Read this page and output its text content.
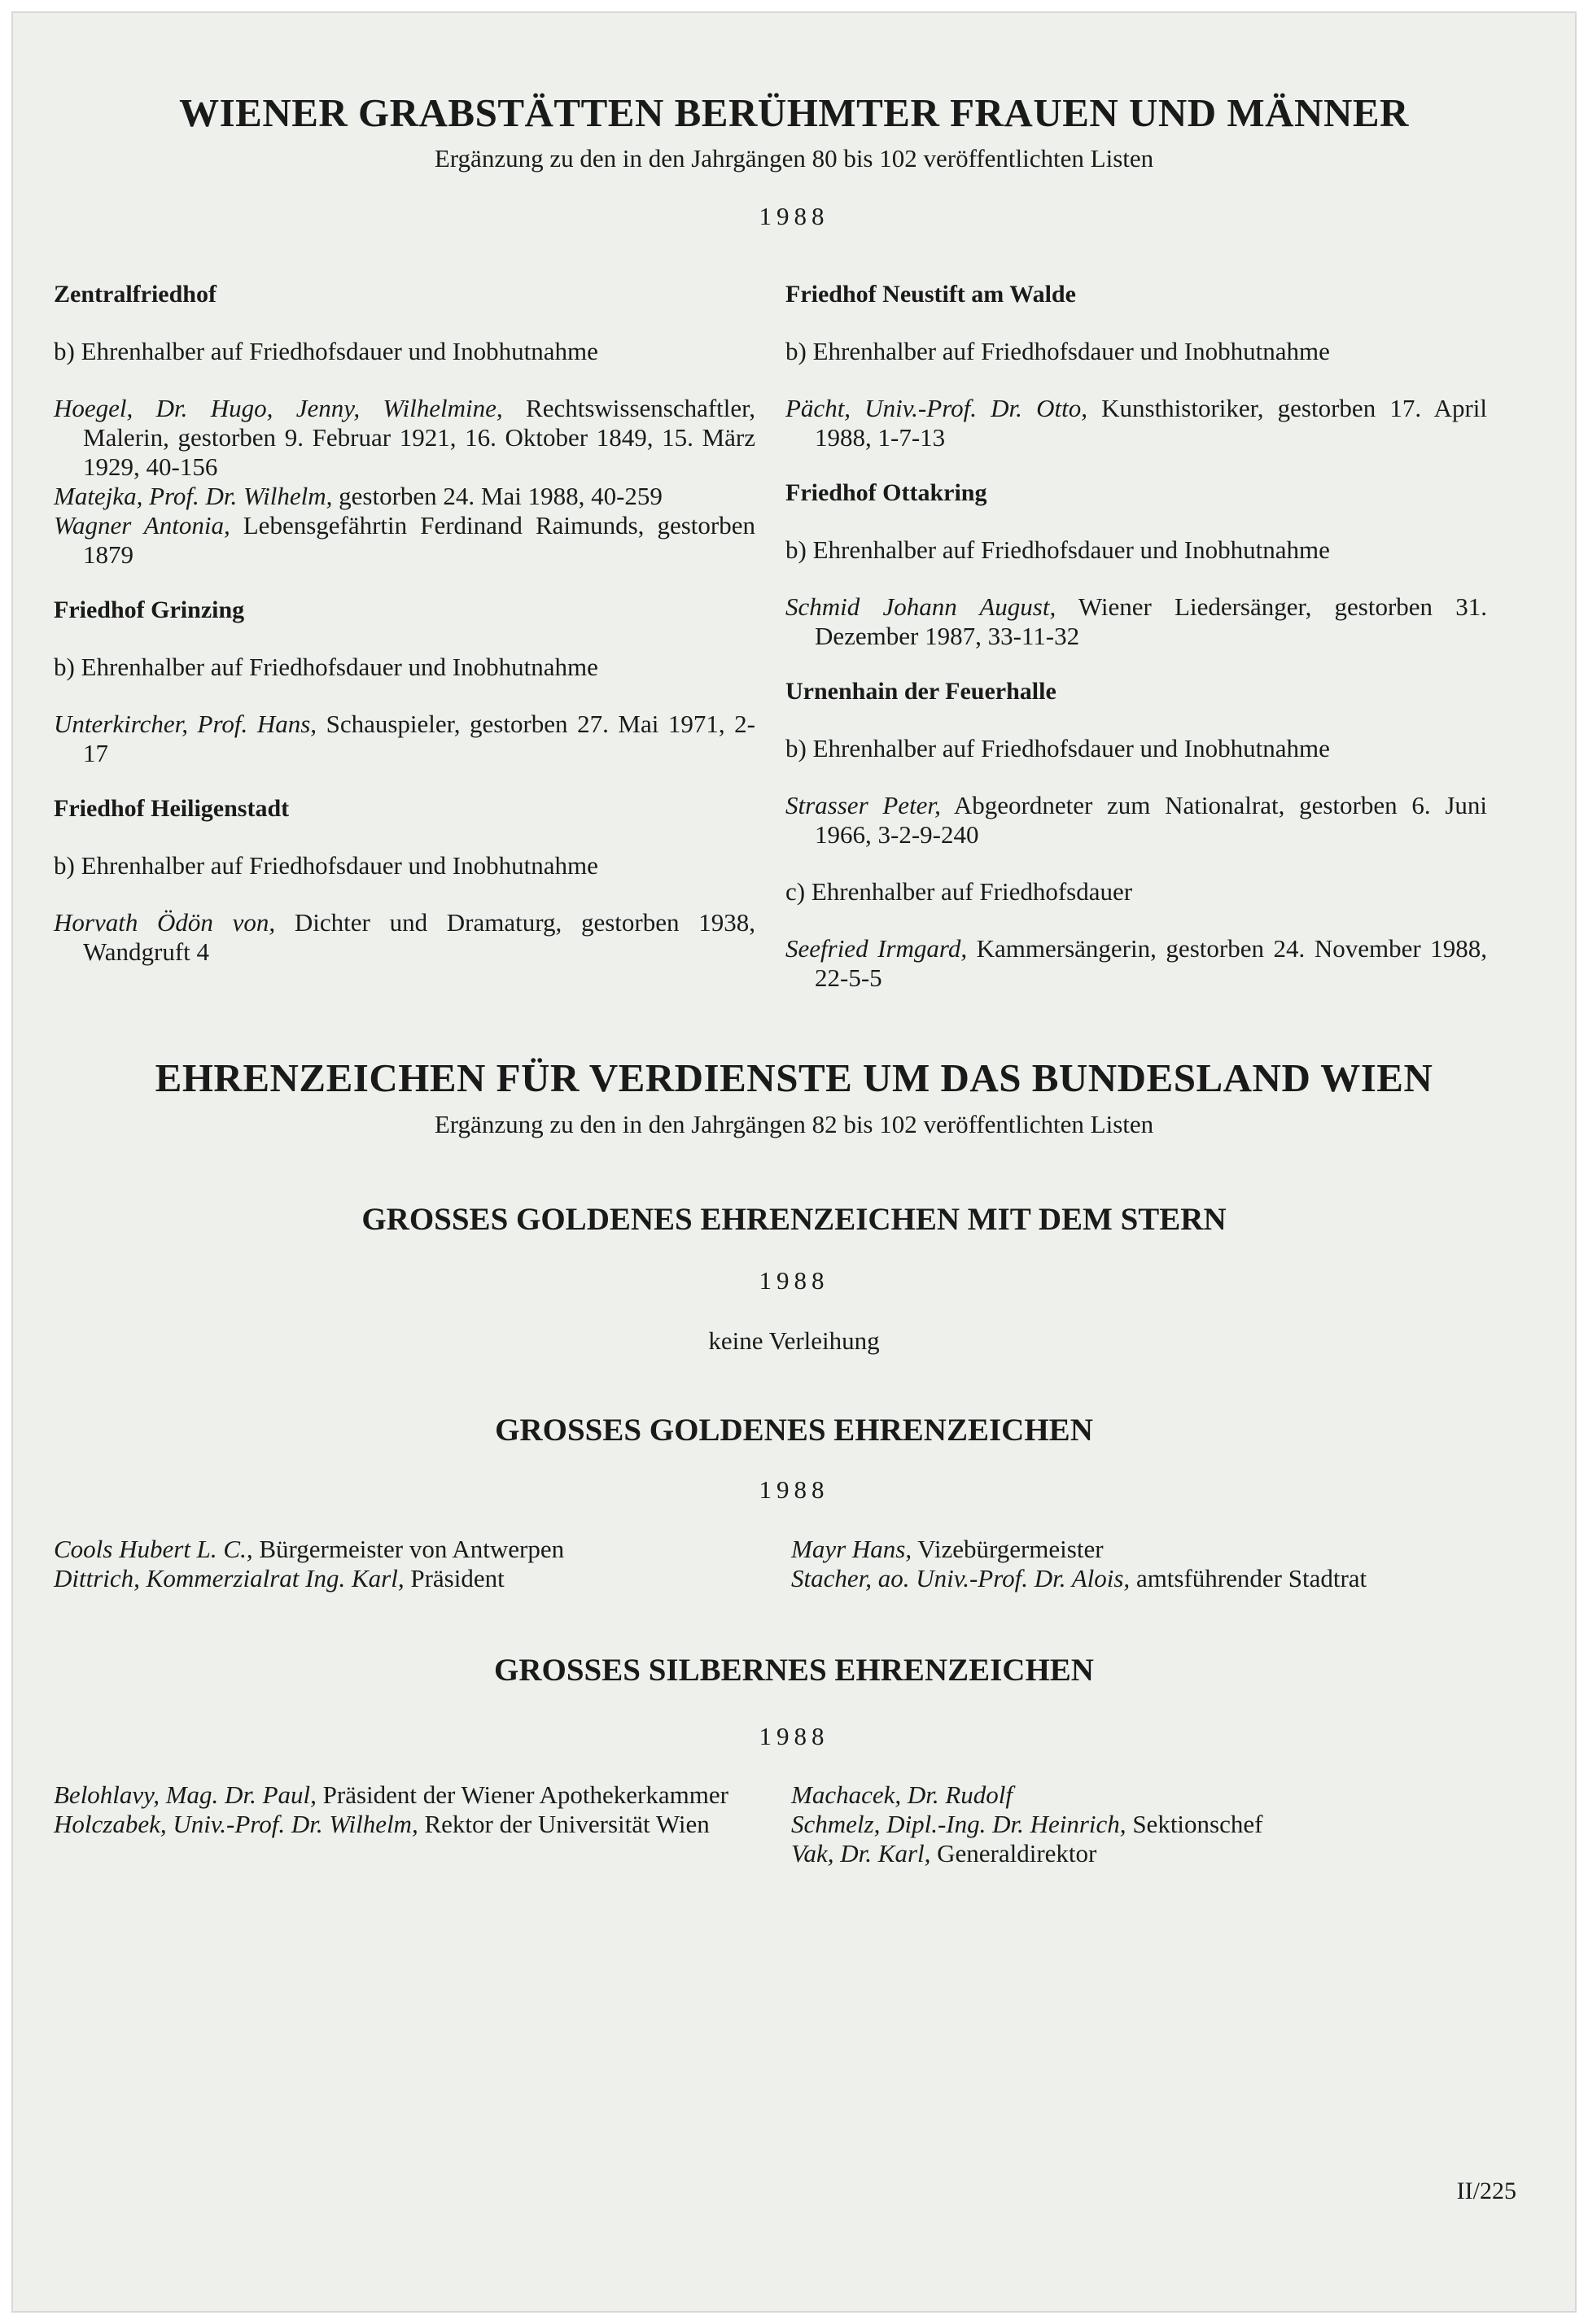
WIENER GRABSTÄTTEN BERÜHMTER FRAUEN UND MÄNNER
Ergänzung zu den in den Jahrgängen 80 bis 102 veröffentlichten Listen
1988
Zentralfriedhof
b) Ehrenhalber auf Friedhofsdauer und Inobhutnahme
Hoegel, Dr. Hugo, Jenny, Wilhelmine, Rechtswissenschaftler, Malerin, gestorben 9. Februar 1921, 16. Oktober 1849, 15. März 1929, 40-156
Matejka, Prof. Dr. Wilhelm, gestorben 24. Mai 1988, 40-259
Wagner Antonia, Lebensgefährtin Ferdinand Raimunds, gestorben 1879
Friedhof Grinzing
b) Ehrenhalber auf Friedhofsdauer und Inobhutnahme
Unterkircher, Prof. Hans, Schauspieler, gestorben 27. Mai 1971, 2-17
Friedhof Heiligenstadt
b) Ehrenhalber auf Friedhofsdauer und Inobhutnahme
Horvath Ödön von, Dichter und Dramaturg, gestorben 1938, Wandgruft 4
Friedhof Neustift am Walde
b) Ehrenhalber auf Friedhofsdauer und Inobhutnahme
Pächt, Univ.-Prof. Dr. Otto, Kunsthistoriker, gestorben 17. April 1988, 1-7-13
Friedhof Ottakring
b) Ehrenhalber auf Friedhofsdauer und Inobhutnahme
Schmid Johann August, Wiener Liedersänger, gestorben 31. Dezember 1987, 33-11-32
Urnenhain der Feuerhalle
b) Ehrenhalber auf Friedhofsdauer und Inobhutnahme
Strasser Peter, Abgeordneter zum Nationalrat, gestorben 6. Juni 1966, 3-2-9-240
c) Ehrenhalber auf Friedhofsdauer
Seefried Irmgard, Kammersängerin, gestorben 24. November 1988, 22-5-5
EHRENZEICHEN FÜR VERDIENSTE UM DAS BUNDESLAND WIEN
Ergänzung zu den in den Jahrgängen 82 bis 102 veröffentlichten Listen
GROSSES GOLDENES EHRENZEICHEN MIT DEM STERN
1988
keine Verleihung
GROSSES GOLDENES EHRENZEICHEN
1988
Cools Hubert L. C., Bürgermeister von Antwerpen
Dittrich, Kommerzialrat Ing. Karl, Präsident
Mayr Hans, Vizebürgermeister
Stacher, ao. Univ.-Prof. Dr. Alois, amtsführender Stadtrat
GROSSES SILBERNES EHRENZEICHEN
1988
Belohlavy, Mag. Dr. Paul, Präsident der Wiener Apothekerkammer
Holczabek, Univ.-Prof. Dr. Wilhelm, Rektor der Universität Wien
Machacek, Dr. Rudolf
Schmelz, Dipl.-Ing. Dr. Heinrich, Sektionschef
Vak, Dr. Karl, Generaldirektor
II/225
